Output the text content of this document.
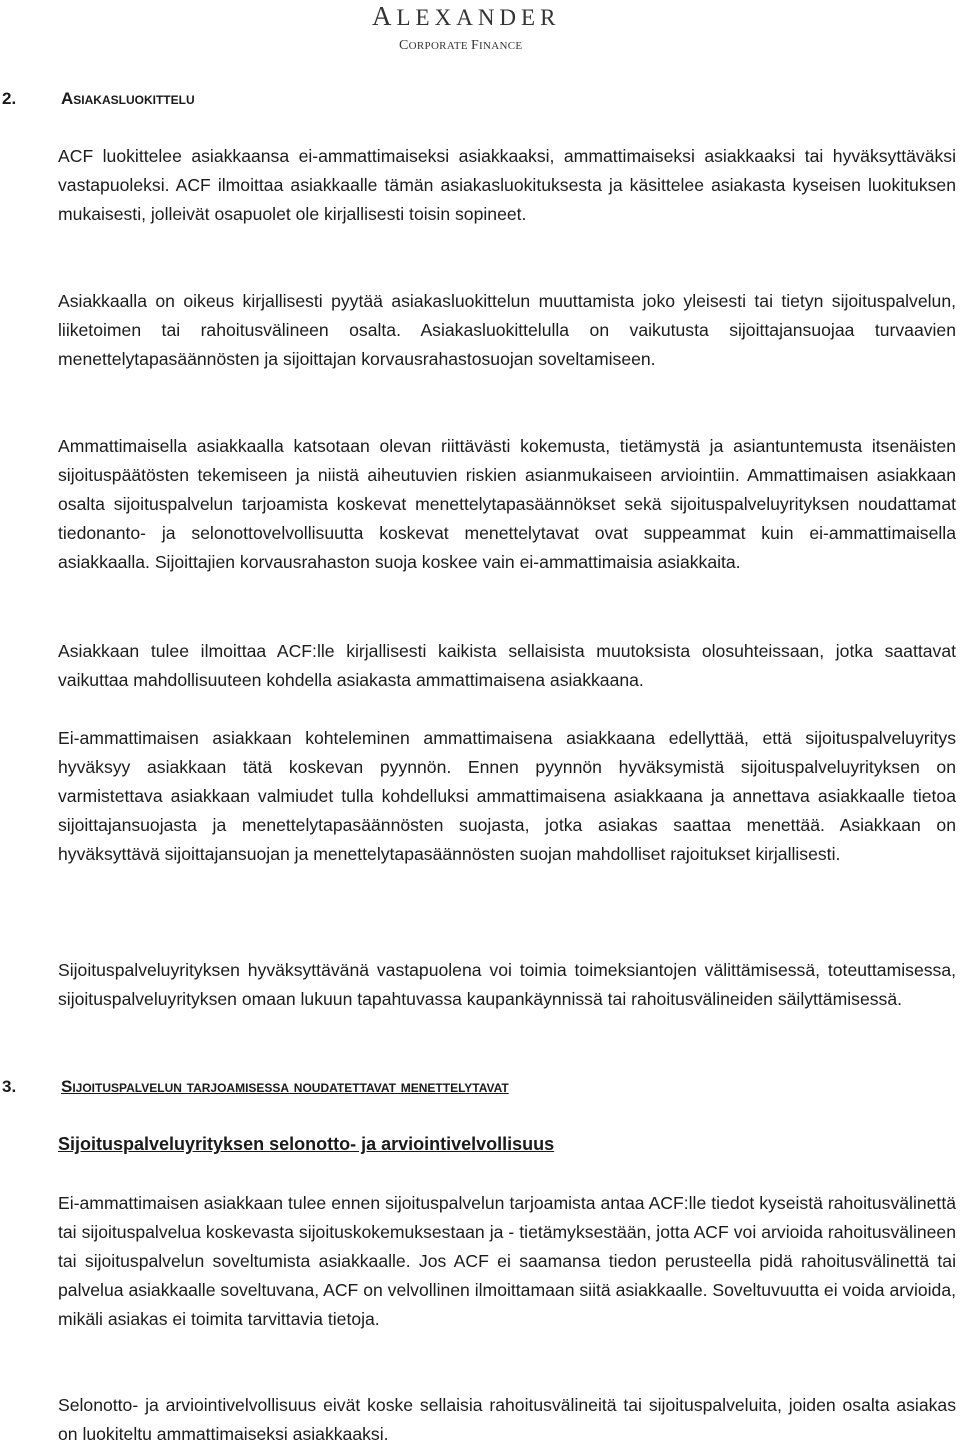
ALEXANDER
CORPORATE FINANCE
2.	Asiakasluokittelu
ACF luokittelee asiakkaansa ei-ammattimaiseksi asiakkaaksi, ammattimaiseksi asiakkaaksi tai hyväksyttäväksi vastapuoleksi. ACF ilmoittaa asiakkaalle tämän asiakasluokituksesta ja käsittelee asiakasta kyseisen luokituksen mukaisesti, jolleivät osapuolet ole kirjallisesti toisin sopineet.
Asiakkaalla on oikeus kirjallisesti pyytää asiakasluokittelun muuttamista joko yleisesti tai tietyn sijoituspalvelun, liiketoimen tai rahoitusvälineen osalta. Asiakasluokittelulla on vaikutusta sijoittajansuojaa turvaavien menettelytapasäännösten ja sijoittajan korvausrahastosuojan soveltamiseen.
Ammattimaisella asiakkaalla katsotaan olevan riittävästi kokemusta, tietämystä ja asiantuntemusta itsenäisten sijoituspäätösten tekemiseen ja niistä aiheutuvien riskien asianmukaiseen arviointiin. Ammattimaisen asiakkaan osalta sijoituspalvelun tarjoamista koskevat menettelytapasäännökset sekä sijoituspalveluyrityksen noudattamat tiedonanto- ja selonottovelvollisuutta koskevat menettelytavat ovat suppeammat kuin ei-ammattimaisella asiakkaalla. Sijoittajien korvausrahaston suoja koskee vain ei-ammattimaisia asiakkaita.
Asiakkaan tulee ilmoittaa ACF:lle kirjallisesti kaikista sellaisista muutoksista olosuhteissaan, jotka saattavat vaikuttaa mahdollisuuteen kohdella asiakasta ammattimaisena asiakkaana.
Ei-ammattimaisen asiakkaan kohteleminen ammattimaisena asiakkaana edellyttää, että sijoituspalveluyritys hyväksyy asiakkaan tätä koskevan pyynnön. Ennen pyynnön hyväksymistä sijoituspalveluyrityksen on varmistettava asiakkaan valmiudet tulla kohdelluksi ammattimaisena asiakkaana ja annettava asiakkaalle tietoa sijoittajansuojasta ja menettelytapasäännösten suojasta, jotka asiakas saattaa menettää. Asiakkaan on hyväksyttävä sijoittajansuojan ja menettelytapasäännösten suojan mahdolliset rajoitukset kirjallisesti.
Sijoituspalveluyrityksen hyväksyttävänä vastapuolena voi toimia toimeksiantojen välittämisessä, toteuttamisessa, sijoituspalveluyrityksen omaan lukuun tapahtuvassa kaupankäynnissä tai rahoitusvälineiden säilyttämisessä.
3.	Sijoituspalvelun tarjoamisessa noudatettavat menettelytavat
Sijoituspalveluyrityksen selonotto- ja arviointivelvollisuus
Ei-ammattimaisen asiakkaan tulee ennen sijoituspalvelun tarjoamista antaa ACF:lle tiedot kyseistä rahoitusvälinettä tai sijoituspalvelua koskevasta sijoituskokemuksestaan ja - tietämyksestään, jotta ACF voi arvioida rahoitusvälineen tai sijoituspalvelun soveltumista asiakkaalle. Jos ACF ei saamansa tiedon perusteella pidä rahoitusvälinettä tai palvelua asiakkaalle soveltuvana, ACF on velvollinen ilmoittamaan siitä asiakkaalle. Soveltuvuutta ei voida arvioida, mikäli asiakas ei toimita tarvittavia tietoja.
Selonotto- ja arviointivelvollisuus eivät koske sellaisia rahoitusvälineitä tai sijoituspalveluita, joiden osalta asiakas on luokiteltu ammattimaiseksi asiakkaaksi.
